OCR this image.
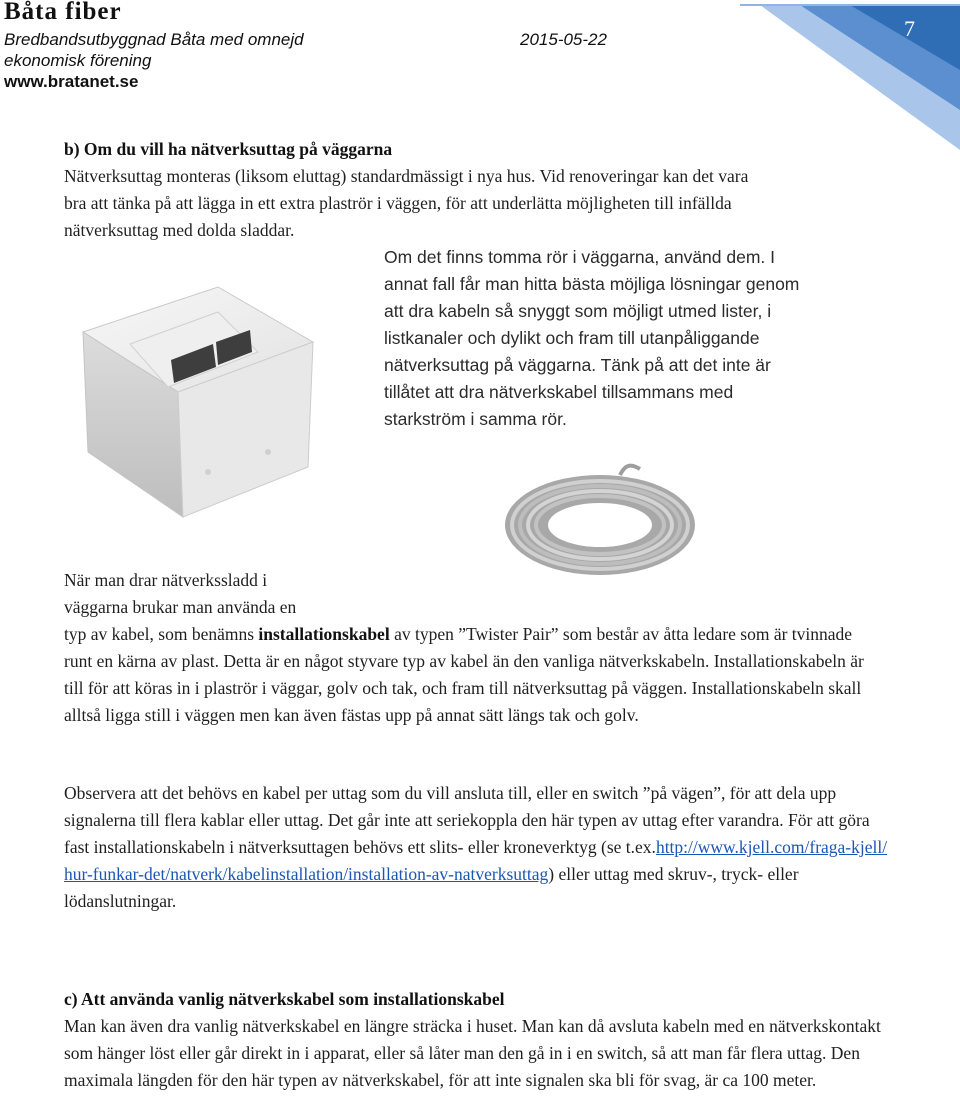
Båta fiber
Bredbandsutbyggnad Båta med omnejd	2015-05-22
ekonomisk förening
www.bratanet.se
7
b) Om du vill ha nätverksuttag på väggarna
Nätverksuttag monteras (liksom eluttag) standardmässigt i nya hus. Vid renoveringar kan det vara
bra att tänka på att lägga in ett extra plaströr i väggen, för att underlätta möjligheten till infällda
nätverksuttag med dolda sladdar.
Om det finns tomma rör i väggarna, använd dem. I annat fall får man hitta bästa möjliga lösningar genom att dra kabeln så snyggt som möjligt utmed lister, i listkanaler och dylikt och fram till utanpåliggande nätverksuttag på väggarna. Tänk på att det inte är tillåtet att dra nätverkskabel tillsammans med starkström i samma rör.
När man drar nätverkssladd i
väggarna brukar man använda en
typ av kabel, som benämns installationskabel av typen ”Twister Pair” som består av åtta ledare som är tvinnade runt en kärna av plast. Detta är en något styvare typ av kabel än den vanliga nätverkskabeln. Installationskabeln är till för att köras in i plaströr i väggar, golv och tak, och fram till nätverksuttag på väggen. Installationskabeln skall alltså ligga still i väggen men kan även fästas upp på annat sätt längs tak och golv.
Observera att det behövs en kabel per uttag som du vill ansluta till, eller en switch ”på vägen”, för att dela upp signalerna till flera kablar eller uttag. Det går inte att seriekoppla den här typen av uttag efter varandra. För att göra fast installationskabeln i nätverksuttagen behövs ett slits- eller kroneverktyg (se t.ex.http://www.kjell.com/fraga-kjell/hur-funkar-det/natverk/kabelinstallation/installation-av-natverksuttag) eller uttag med skruv-, tryck- eller lödanslutningar.
c) Att använda vanlig nätverkskabel som installationskabel
Man kan även dra vanlig nätverkskabel en längre sträcka i huset. Man kan då avsluta kabeln med en nätverkskontakt som hänger löst eller går direkt in i apparat, eller så låter man den gå in i en switch, så att man får flera uttag. Den maximala längden för den här typen av nätverkskabel, för att inte signalen ska bli för svag, är ca 100 meter.
